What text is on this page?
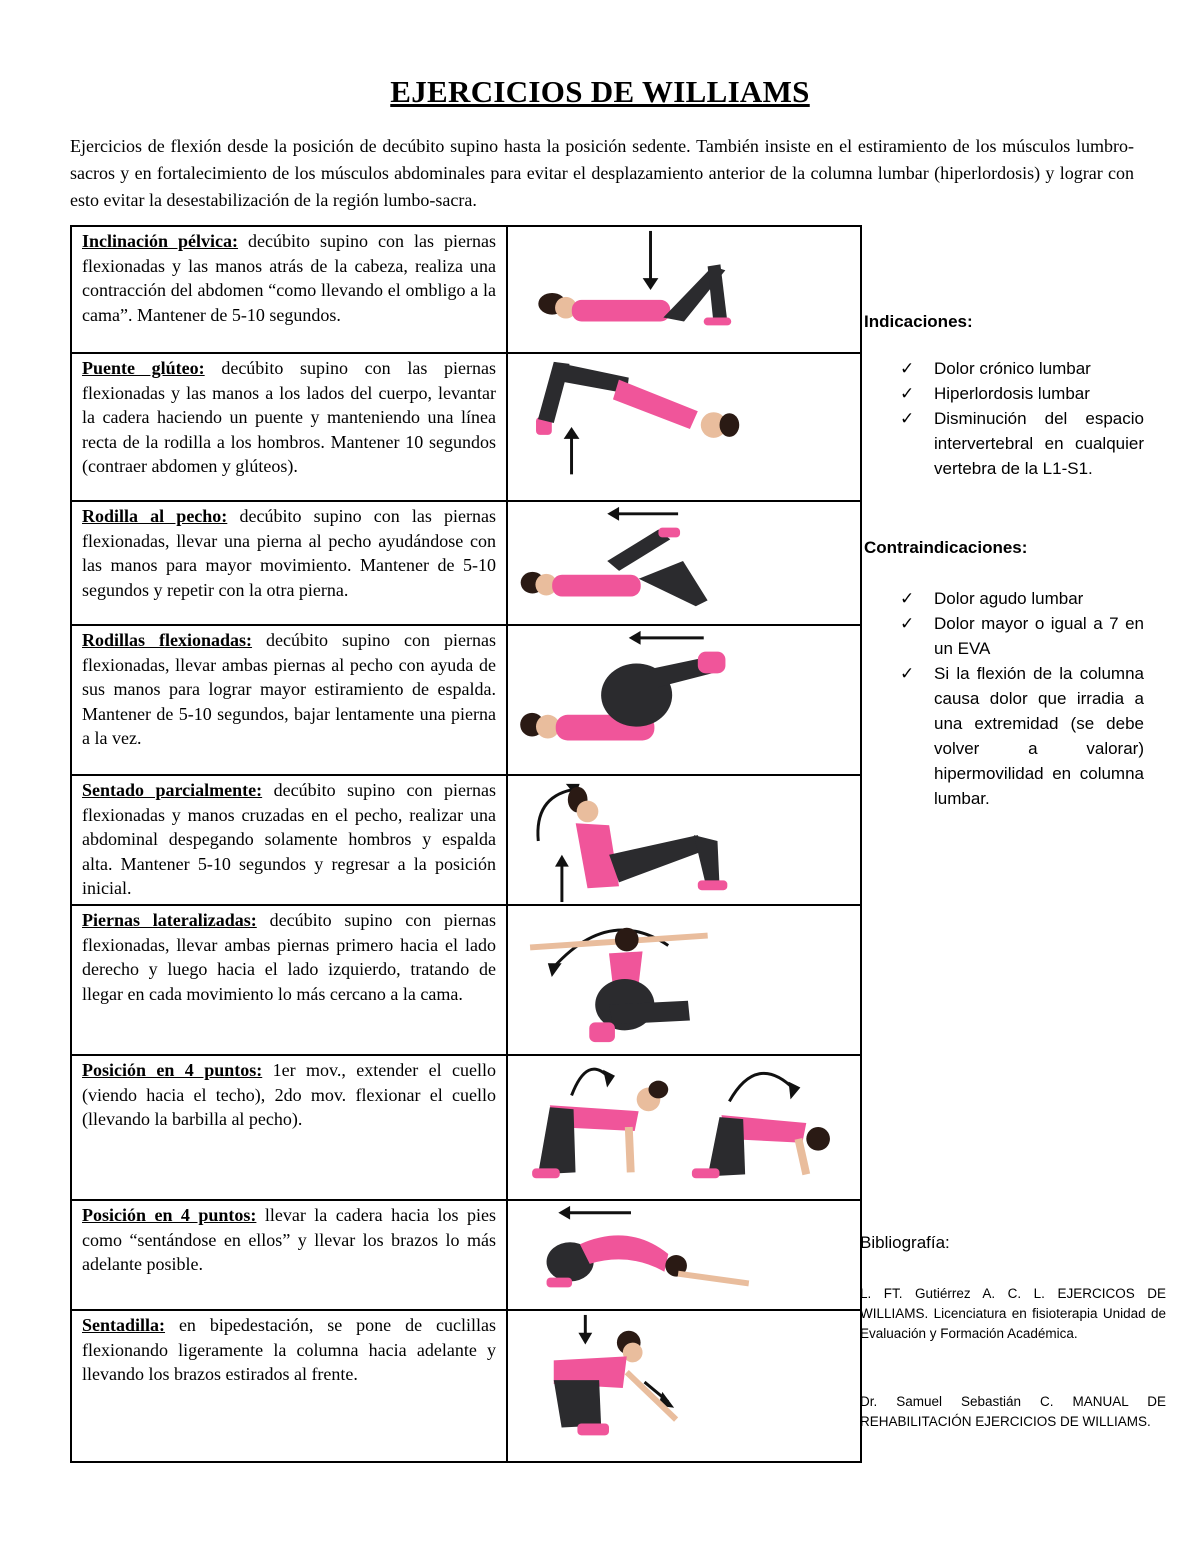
EJERCICIOS DE WILLIAMS
Ejercicios de flexión desde la posición de decúbito supino hasta la posición sedente. También insiste en el estiramiento de los músculos lumbro-sacros y en fortalecimiento de los músculos abdominales para evitar el desplazamiento anterior de la columna lumbar (hiperlordosis) y lograr con esto evitar la desestabilización de la región lumbo-sacra.
Inclinación pélvica: decúbito supino con las piernas flexionadas y las manos atrás de la cabeza, realiza una contracción del abdomen “como llevando el ombligo a la cama”. Mantener de 5-10 segundos.	

Puente glúteo: decúbito supino con las piernas flexionadas y las manos a los lados del cuerpo, levantar la cadera haciendo un puente y manteniendo una línea recta de la rodilla a los hombros. Mantener 10 segundos (contraer abdomen y glúteos).	

Rodilla al pecho: decúbito supino con las piernas flexionadas, llevar una pierna al pecho ayudándose con las manos para mayor movimiento. Mantener de 5-10 segundos y repetir con la otra pierna.	

Rodillas flexionadas: decúbito supino con piernas flexionadas, llevar ambas piernas al pecho con ayuda de sus manos para lograr mayor estiramiento de espalda. Mantener de 5-10 segundos, bajar lentamente una pierna a la vez.	

Sentado parcialmente: decúbito supino con piernas flexionadas y manos cruzadas en el pecho, realizar una abdominal despegando solamente hombros y espalda alta. Mantener 5-10 segundos y regresar a la posición inicial.	

Piernas lateralizadas: decúbito supino con piernas flexionadas, llevar ambas piernas primero hacia el lado derecho y luego hacia el lado izquierdo, tratando de llegar en cada movimiento lo más cercano a la cama.	

Posición en 4 puntos: 1er mov., extender el cuello (viendo hacia el techo), 2do mov. flexionar el cuello (llevando la barbilla al pecho).	

Posición en 4 puntos: llevar la cadera hacia los pies como “sentándose en ellos” y llevar los brazos lo más adelante posible.	

Sentadilla: en bipedestación, se pone de cuclillas flexionando ligeramente la columna hacia adelante y llevando los brazos estirados al frente.	
Indicaciones:
✓ Dolor crónico lumbar
✓ Hiperlordosis lumbar
✓ Disminución del espacio intervertebral en cualquier vertebra de la L1-S1.
Contraindicaciones:
✓ Dolor agudo lumbar
✓ Dolor mayor o igual a 7 en un EVA
✓ Si la flexión de la columna causa dolor que irradia a una extremidad (se debe volver a valorar) hipermovilidad en columna lumbar.
Bibliografía:
L. FT. Gutiérrez A. C. L. EJERCICOS DE WILLIAMS. Licenciatura en fisioterapia Unidad de Evaluación y Formación Académica.
Dr. Samuel Sebastián C. MANUAL DE REHABILITACIÓN EJERCICIOS DE WILLIAMS.
